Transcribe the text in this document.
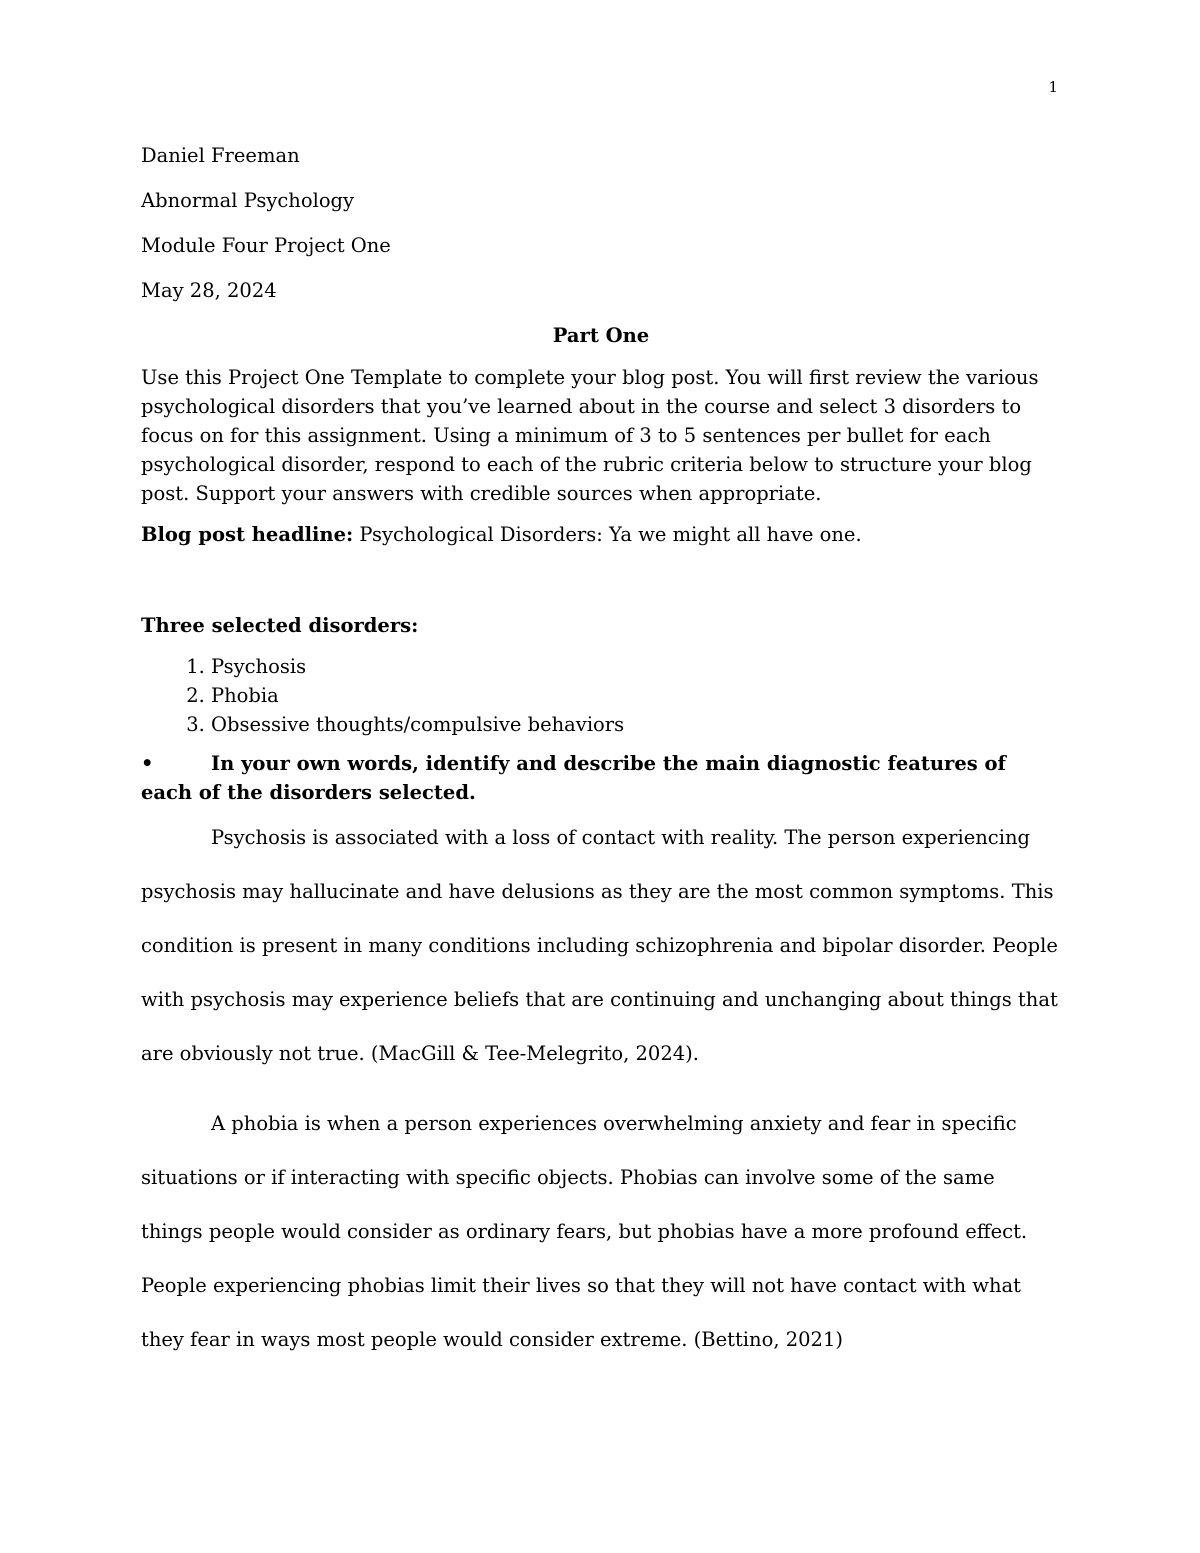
1

Daniel Freeman

Abnormal Psychology

Module Four Project One

May 28, 2024

Part One

Use this Project One Template to complete your blog post. You will first review the various psychological disorders that you’ve learned about in the course and select 3 disorders to focus on for this assignment. Using a minimum of 3 to 5 sentences per bullet for each psychological disorder, respond to each of the rubric criteria below to structure your blog post. Support your answers with credible sources when appropriate.

Blog post headline: Psychological Disorders: Ya we might all have one.

Three selected disorders:

1. Psychosis
2. Phobia
3. Obsessive thoughts/compulsive behaviors

•	In your own words, identify and describe the main diagnostic features of each of the disorders selected.

Psychosis is associated with a loss of contact with reality. The person experiencing psychosis may hallucinate and have delusions as they are the most common symptoms. This condition is present in many conditions including schizophrenia and bipolar disorder. People with psychosis may experience beliefs that are continuing and unchanging about things that are obviously not true. (MacGill & Tee-Melegrito, 2024).

A phobia is when a person experiences overwhelming anxiety and fear in specific situations or if interacting with specific objects. Phobias can involve some of the same things people would consider as ordinary fears, but phobias have a more profound effect. People experiencing phobias limit their lives so that they will not have contact with what they fear in ways most people would consider extreme. (Bettino, 2021)
